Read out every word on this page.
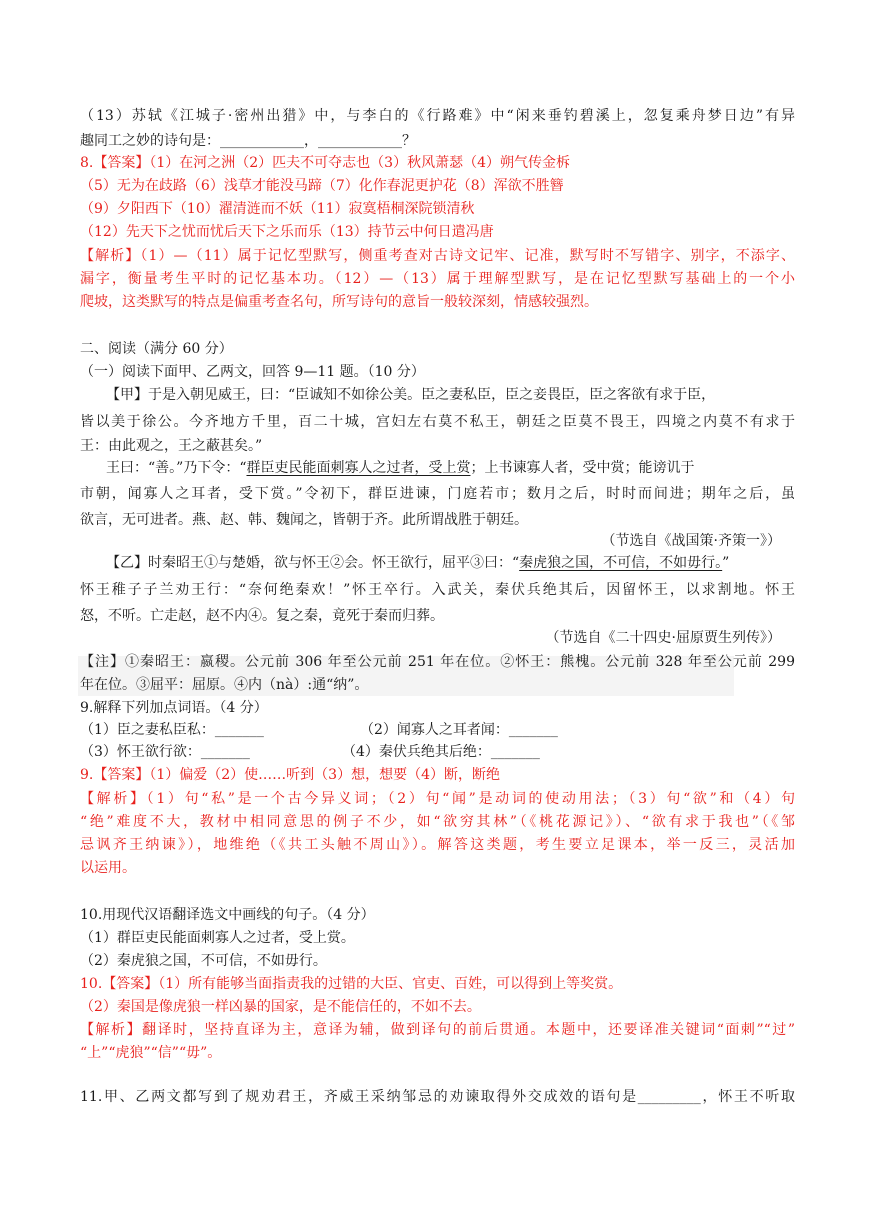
（13）苏轼《江城子·密州出猎》中，与李白的《行路难》中“闲来垂钓碧溪上，忽复乘舟梦日边”有异
趣同工之妙的诗句是：____________，____________？
8.【答案】（1）在河之洲（2）匹夫不可夺志也（3）秋风萧瑟（4）朔气传金柝
（5）无为在歧路（6）浅草才能没马蹄（7）化作春泥更护花（8）浑欲不胜簪
（9）夕阳西下（10）濯清涟而不妖（11）寂寞梧桐深院锁清秋
（12）先天下之忧而忧后天下之乐而乐（13）持节云中何日遣冯唐
【解析】（1）—（11）属于记忆型默写，侧重考查对古诗文记牢、记准，默写时不写错字、别字，不添字、
漏字，衡量考生平时的记忆基本功。（12）—（13）属于理解型默写，是在记忆型默写基础上的一个小
爬坡，这类默写的特点是偏重考查名句，所写诗句的意旨一般较深刻，情感较强烈。
二、阅读（满分 60 分）
（一）阅读下面甲、乙两文，回答 9—11 题。（10 分）
【甲】于是入朝见威王，曰：“臣诚知不如徐公美。臣之妻私臣，臣之妾畏臣，臣之客欲有求于臣，
皆以美于徐公。今齐地方千里，百二十城，宫妇左右莫不私王，朝廷之臣莫不畏王，四境之内莫不有求于
王：由此观之，王之蔽甚矣。”
王曰：“善。”乃下令：“群臣吏民能面刺寡人之过者，受上赏；上书谏寡人者，受中赏；能谤讥于
市朝，闻寡人之耳者，受下赏。”令初下，群臣进谏，门庭若市；数月之后，时时而间进；期年之后，虽
欲言，无可进者。燕、赵、韩、魏闻之，皆朝于齐。此所谓战胜于朝廷。
（节选自《战国策·齐策一》）
【乙】时秦昭王①与楚婚，欲与怀王②会。怀王欲行，屈平③曰：“秦虎狼之国，不可信，不如毋行。”
怀王稚子子兰劝王行：“奈何绝秦欢！”怀王卒行。入武关，秦伏兵绝其后，因留怀王，以求割地。怀王
怒，不听。亡走赵，赵不内④。复之秦，竟死于秦而归葬。
（节选自《二十四史·屈原贾生列传》）
【注】①秦昭王：嬴稷。公元前 306 年至公元前 251 年在位。②怀王：熊槐。公元前 328 年至公元前 299
年在位。③屈平：屈原。④内（nà）:通“纳”。
9.解释下列加点词语。（4 分）
（1）臣之妻私臣私：_______	（2）闻寡人之耳者闻：_______
（3）怀王欲行欲：_______	（4）秦伏兵绝其后绝：_______
9.【答案】（1）偏爱（2）使……听到（3）想，想要（4）断，断绝
【解析】（1）句“私”是一个古今异义词；（2）句“闻”是动词的使动用法；（3）句“欲”和（4）句
“绝”难度不大，教材中相同意思的例子不少，如“欲穷其林”（《桃花源记》）、“欲有求于我也”（《邹
忌讽齐王纳谏》），地维绝（《共工头触不周山》）。解答这类题，考生要立足课本，举一反三，灵活加
以运用。
10.用现代汉语翻译选文中画线的句子。（4 分）
（1）群臣吏民能面刺寡人之过者，受上赏。
（2）秦虎狼之国，不可信，不如毋行。
10.【答案】（1）所有能够当面指责我的过错的大臣、官吏、百姓，可以得到上等奖赏。
（2）秦国是像虎狼一样凶暴的国家，是不能信任的，不如不去。
【解析】翻译时，坚持直译为主，意译为辅，做到译句的前后贯通。本题中，还要译准关键词“面刺”“过”
“上”“虎狼”“信”“毋”。
11.甲、乙两文都写到了规劝君王，齐威王采纳邹忌的劝谏取得外交成效的语句是_________，怀王不听取
